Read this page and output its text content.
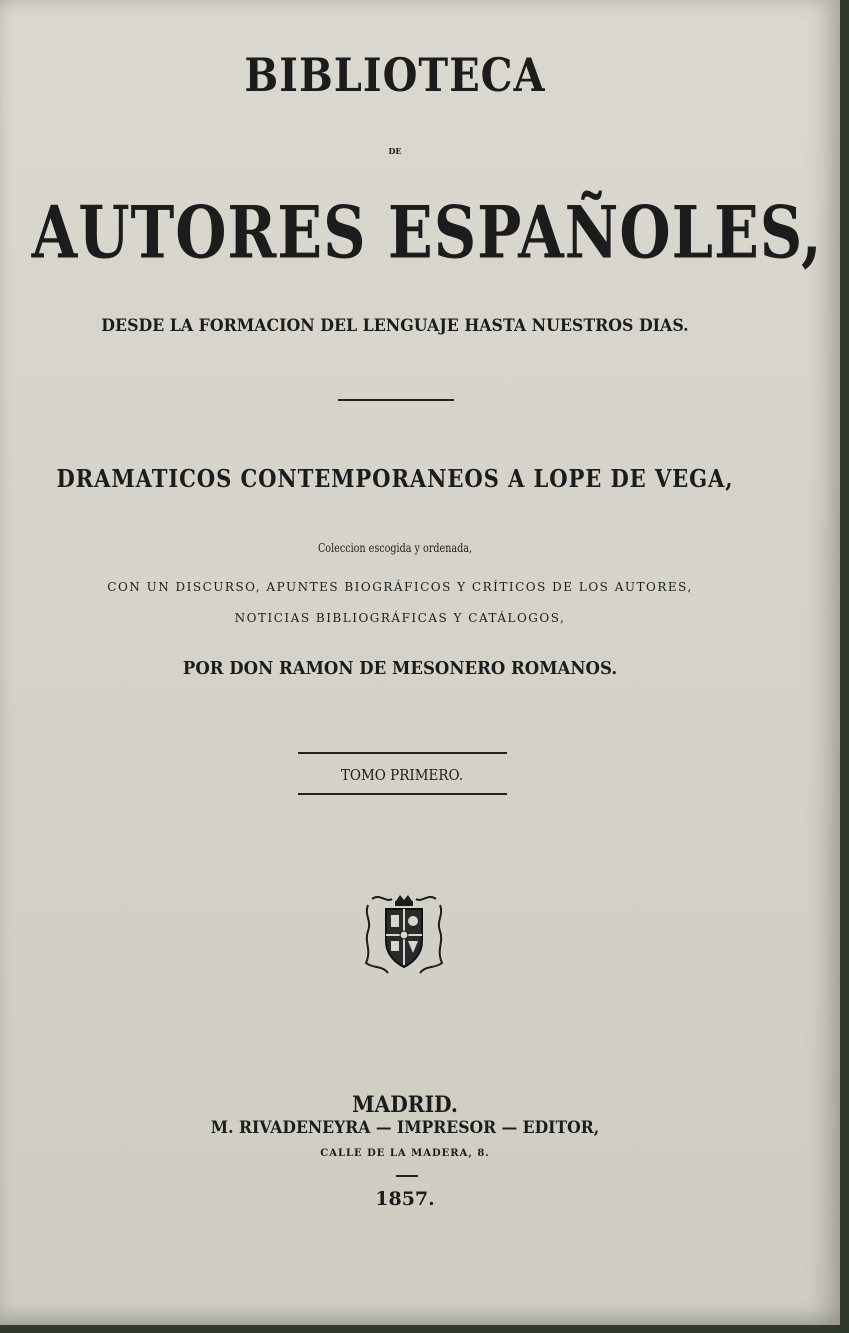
BIBLIOTECA
DE
AUTORES ESPAÑOLES,
DESDE LA FORMACION DEL LENGUAJE HASTA NUESTROS DIAS.
DRAMATICOS CONTEMPORANEOS A LOPE DE VEGA,
Coleccion escogida y ordenada,
CON UN DISCURSO, APUNTES BIOGRÁFICOS Y CRÍTICOS DE LOS AUTORES,
NOTICIAS BIBLIOGRÁFICAS Y CATÁLOGOS,
POR DON RAMON DE MESONERO ROMANOS.
TOMO PRIMERO.
MADRID.
M. RIVADENEYRA — IMPRESOR — EDITOR,
CALLE DE LA MADERA, 8.
1857.
